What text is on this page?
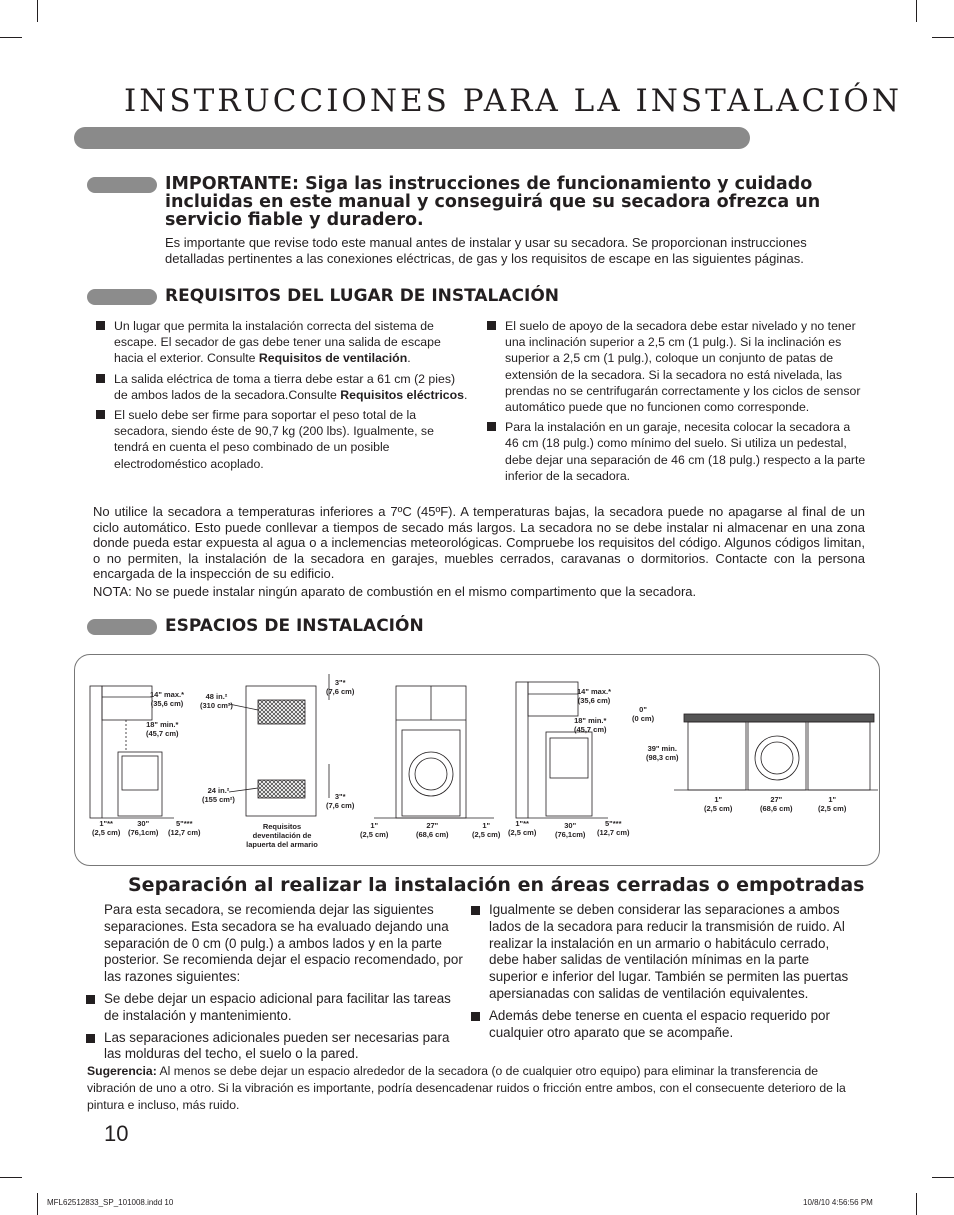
INSTRUCCIONES PARA LA INSTALACIÓN
IMPORTANTE: Siga las instrucciones de funcionamiento y cuidado incluidas en este manual y conseguirá que su secadora ofrezca un servicio fiable y duradero.
Es importante que revise todo este manual antes de instalar y usar su secadora. Se proporcionan instrucciones detalladas pertinentes a las conexiones eléctricas, de gas y los requisitos de escape en las siguientes páginas.
REQUISITOS DEL LUGAR DE INSTALACIÓN
Un lugar que permita la instalación correcta del sistema de escape. El secador de gas debe tener una salida de escape hacia el exterior. Consulte Requisitos de ventilación.
La salida eléctrica de toma a tierra debe estar a 61 cm (2 pies) de ambos lados de la secadora.Consulte Requisitos eléctricos.
El suelo debe ser firme para soportar el peso total de la secadora, siendo éste de 90,7 kg (200 lbs). Igualmente, se tendrá en cuenta el peso combinado de un posible electrodoméstico acoplado.
El suelo de apoyo de la secadora debe estar nivelado y no tener una inclinación superior a 2,5 cm (1 pulg.). Si la inclinación es superior a 2,5 cm (1 pulg.), coloque un conjunto de patas de extensión de la secadora. Si la secadora no está nivelada, las prendas no se centrifugarán correctamente y los ciclos de sensor automático puede que no funcionen como corresponde.
Para la instalación en un garaje, necesita colocar la secadora a 46 cm (18 pulg.) como mínimo del suelo. Si utiliza un pedestal, debe dejar una separación de 46 cm (18 pulg.) respecto a la parte inferior de la secadora.
No utilice la secadora a temperaturas inferiores a 7ºC (45ºF). A temperaturas bajas, la secadora puede no apagarse al final de un ciclo automático. Esto puede conllevar a tiempos de secado más largos. La secadora no se debe instalar ni almacenar en una zona donde pueda estar expuesta al agua o a inclemencias meteorológicas. Compruebe los requisitos del código. Algunos códigos limitan, o no permiten, la instalación de la secadora en garajes, muebles cerrados, caravanas o dormitorios. Contacte con la persona encargada de la inspección de su edificio.
NOTA: No se puede instalar ningún aparato de combustión en el mismo compartimento que la secadora.
ESPACIOS DE INSTALACIÓN
14" max.*
(35,6 cm)
18" min.*
(45,7 cm)
1"**
(2,5 cm)
30"
(76,1cm)
5"***
(12,7 cm)
48 in.²
(310 cm²)
24 in.²
(155 cm²)
3"*
(7,6 cm)
3"*
(7,6 cm)
Requisitos deventilación de lapuerta del armario
1"
(2,5 cm)
27"
(68,6 cm)
1"
(2,5 cm)
14" max.*
(35,6 cm)
18" min.*
(45,7 cm)
1"**
(2,5 cm)
30"
(76,1cm)
5"***
(12,7 cm)
0"
(0 cm)
39" min.
(98,3 cm)
1"
(2,5 cm)
27"
(68,6 cm)
1"
(2,5 cm)
Separación al realizar la instalación en áreas cerradas o empotradas
Para esta secadora, se recomienda dejar las siguientes separaciones. Esta secadora se ha evaluado dejando una separación de 0 cm (0 pulg.) a ambos lados y en la parte posterior. Se recomienda dejar el espacio recomendado, por las razones siguientes:
Se debe dejar un espacio adicional para facilitar las tareas de instalación y mantenimiento.
Las separaciones adicionales pueden ser necesarias para las molduras del techo, el suelo o la pared.
Igualmente se deben considerar las separaciones a ambos lados de la secadora para reducir la transmisión de ruido. Al realizar la instalación en un armario o habitáculo cerrado, debe haber salidas de ventilación mínimas en la parte superior e inferior del lugar. También se permiten las puertas apersianadas con salidas de ventilación equivalentes.
Además debe tenerse en cuenta el espacio requerido por cualquier otro aparato que se acompañe.
Sugerencia: Al menos se debe dejar un espacio alrededor de la secadora (o de cualquier otro equipo) para eliminar la transferencia de vibración de uno a otro. Si la vibración es importante, podría desencadenar ruidos o fricción entre ambos, con el consecuente deterioro de la pintura e incluso, más ruido.
10
MFL62512833_SP_101008.indd 10	10/8/10 4:56:56 PM
